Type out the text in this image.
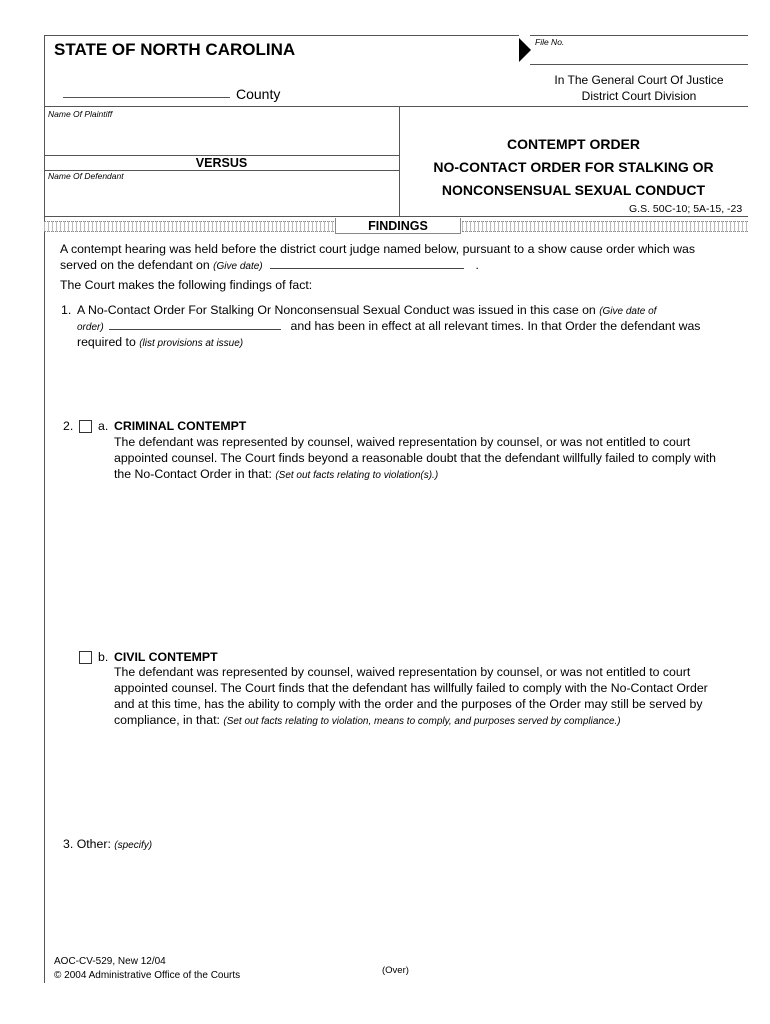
STATE OF NORTH CAROLINA	File No.
County
In The General Court Of Justice
District Court Division
Name Of Plaintiff
VERSUS
Name Of Defendant
CONTEMPT ORDER
NO-CONTACT ORDER FOR STALKING OR
NONCONSENSUAL SEXUAL CONDUCT
G.S. 50C-10; 5A-15, -23
FINDINGS
A contempt hearing was held before the district court judge named below, pursuant to a show cause order which was
served on the defendant on (Give date)	.
The Court makes the following findings of fact:
1. A No-Contact Order For Stalking Or Nonconsensual Sexual Conduct was issued in this case on (Give date of
order)	and has been in effect at all relevant times. In that Order the defendant was
required to (list provisions at issue)
2. a. CRIMINAL CONTEMPT
The defendant was represented by counsel, waived representation by counsel, or was not entitled to court
appointed counsel. The Court finds beyond a reasonable doubt that the defendant willfully failed to comply with
the No-Contact Order in that: (Set out facts relating to violation(s).)
b. CIVIL CONTEMPT
The defendant was represented by counsel, waived representation by counsel, or was not entitled to court
appointed counsel. The Court finds that the defendant has willfully failed to comply with the No-Contact Order
and at this time, has the ability to comply with the order and the purposes of the Order may still be served by
compliance, in that: (Set out facts relating to violation, means to comply, and purposes served by compliance.)
3. Other: (specify)
AOC-CV-529, New 12/04
© 2004 Administrative Office of the Courts	(Over)
